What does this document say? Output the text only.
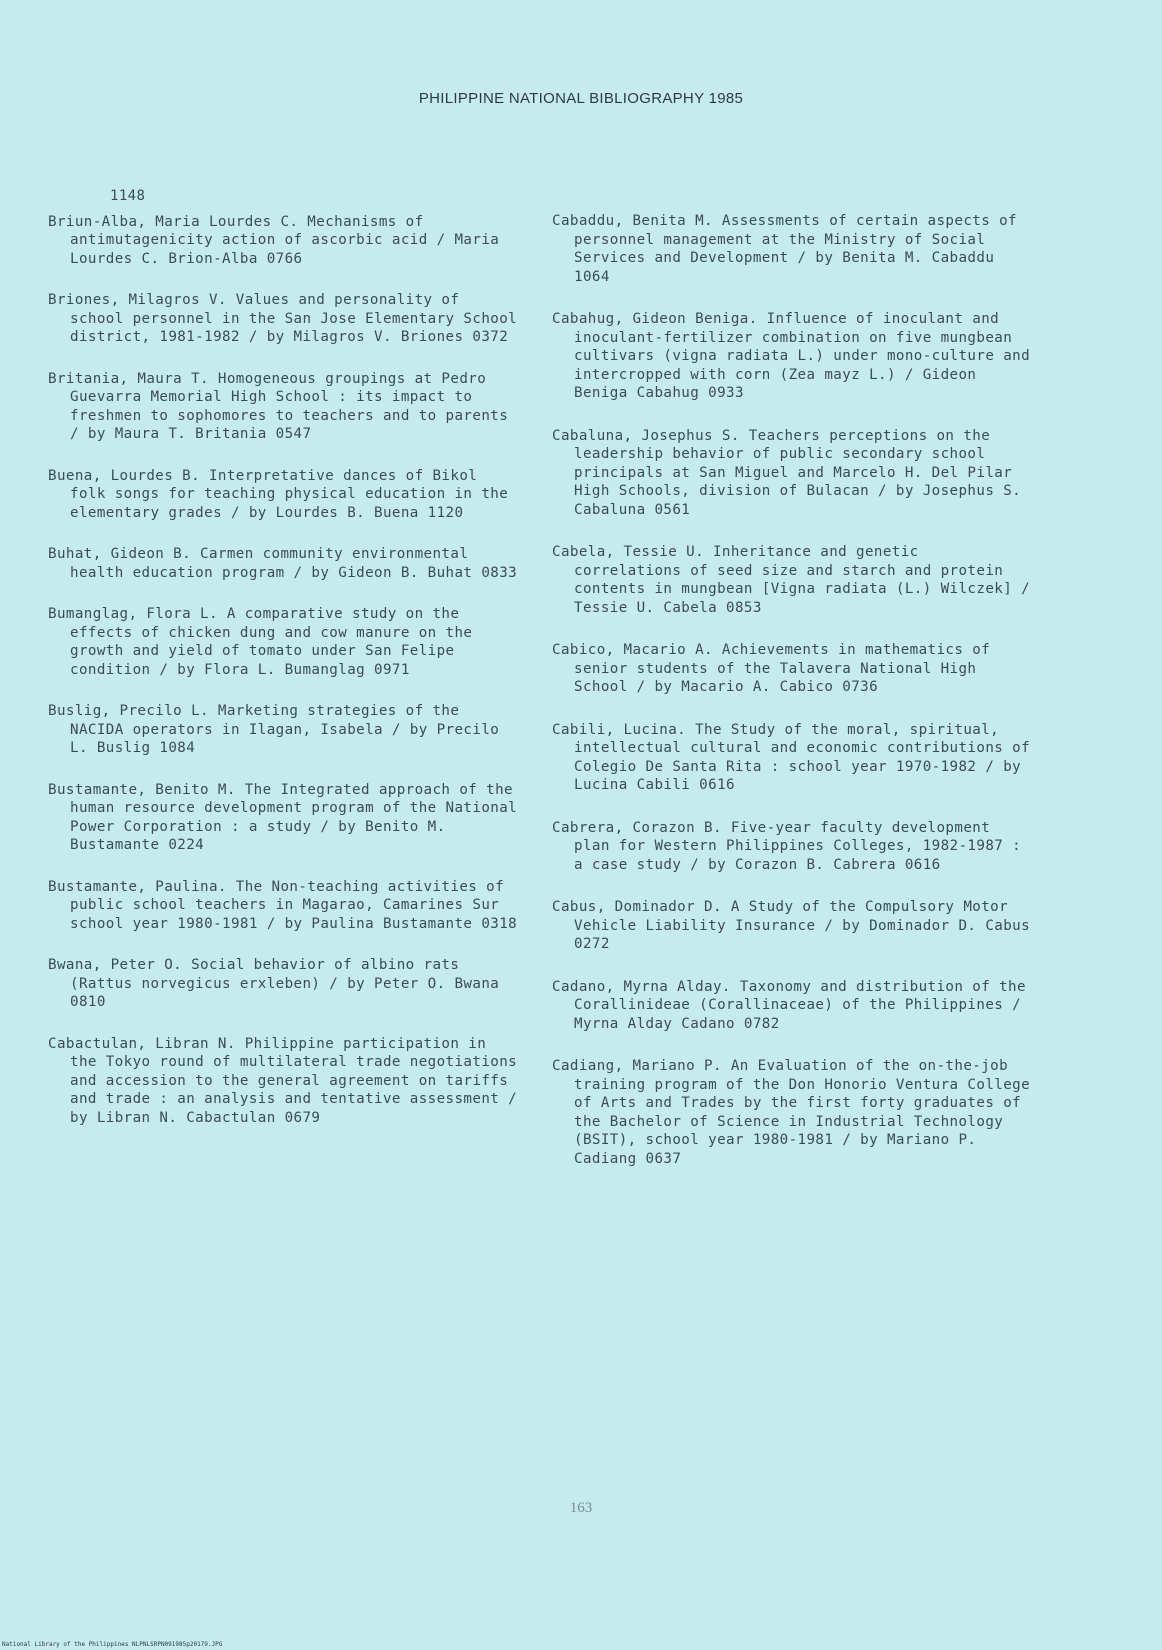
PHILIPPINE NATIONAL BIBLIOGRAPHY 1985
1148
Briun-Alba, Maria Lourdes C. Mechanisms of antimutagenicity action of ascorbic acid / Maria Lourdes C. Brion-Alba 0766
Briones, Milagros V. Values and personality of school personnel in the San Jose Elementary School district, 1981-1982 / by Milagros V. Briones 0372
Britania, Maura T. Homogeneous groupings at Pedro Guevarra Memorial High School : its impact to freshmen to sophomores to teachers and to parents / by Maura T. Britania 0547
Buena, Lourdes B. Interpretative dances of Bikol folk songs for teaching physical education in the elementary grades / by Lourdes B. Buena 1120
Buhat, Gideon B. Carmen community environmental health education program / by Gideon B. Buhat 0833
Bumanglag, Flora L. A comparative study on the effects of chicken dung and cow manure on the growth and yield of tomato under San Felipe condition / by Flora L. Bumanglag 0971
Buslig, Precilo L. Marketing strategies of the NACIDA operators in Ilagan, Isabela / by Precilo L. Buslig 1084
Bustamante, Benito M. The Integrated approach of the human resource development program of the National Power Corporation : a study / by Benito M. Bustamante 0224
Bustamante, Paulina. The Non-teaching activities of public school teachers in Magarao, Camarines Sur school year 1980-1981 / by Paulina Bustamante 0318
Bwana, Peter O. Social behavior of albino rats (Rattus norvegicus erxleben) / by Peter O. Bwana 0810
Cabactulan, Libran N. Philippine participation in the Tokyo round of multilateral trade negotiations and accession to the general agreement on tariffs and trade : an analysis and tentative assessment / by Libran N. Cabactulan 0679
Cabaddu, Benita M. Assessments of certain aspects of personnel management at the Ministry of Social Services and Development / by Benita M. Cabaddu 1064
Cabahug, Gideon Beniga. Influence of inoculant and inoculant-fertilizer combination on five mungbean cultivars (vigna radiata L.) under mono-culture and intercropped with corn (Zea mayz L.) / Gideon Beniga Cabahug 0933
Cabaluna, Josephus S. Teachers perceptions on the leadership behavior of public secondary school principals at San Miguel and Marcelo H. Del Pilar High Schools, division of Bulacan / by Josephus S. Cabaluna 0561
Cabela, Tessie U. Inheritance and genetic correlations of seed size and starch and protein contents in mungbean [Vigna radiata (L.) Wilczek] / Tessie U. Cabela 0853
Cabico, Macario A. Achievements in mathematics of senior students of the Talavera National High School / by Macario A. Cabico 0736
Cabili, Lucina. The Study of the moral, spiritual, intellectual cultural and economic contributions of Colegio De Santa Rita : school year 1970-1982 / by Lucina Cabili 0616
Cabrera, Corazon B. Five-year faculty development plan for Western Philippines Colleges, 1982-1987 : a case study / by Corazon B. Cabrera 0616
Cabus, Dominador D. A Study of the Compulsory Motor Vehicle Liability Insurance / by Dominador D. Cabus 0272
Cadano, Myrna Alday. Taxonomy and distribution of the Corallinideae (Corallinaceae) of the Philippines / Myrna Alday Cadano 0782
Cadiang, Mariano P. An Evaluation of the on-the-job training program of the Don Honorio Ventura College of Arts and Trades by the first forty graduates of the Bachelor of Science in Industrial Technology (BSIT), school year 1980-1981 / by Mariano P. Cadiang 0637
163
National Library of the Philippines NLPNLSRPN091985p20179.JPG
